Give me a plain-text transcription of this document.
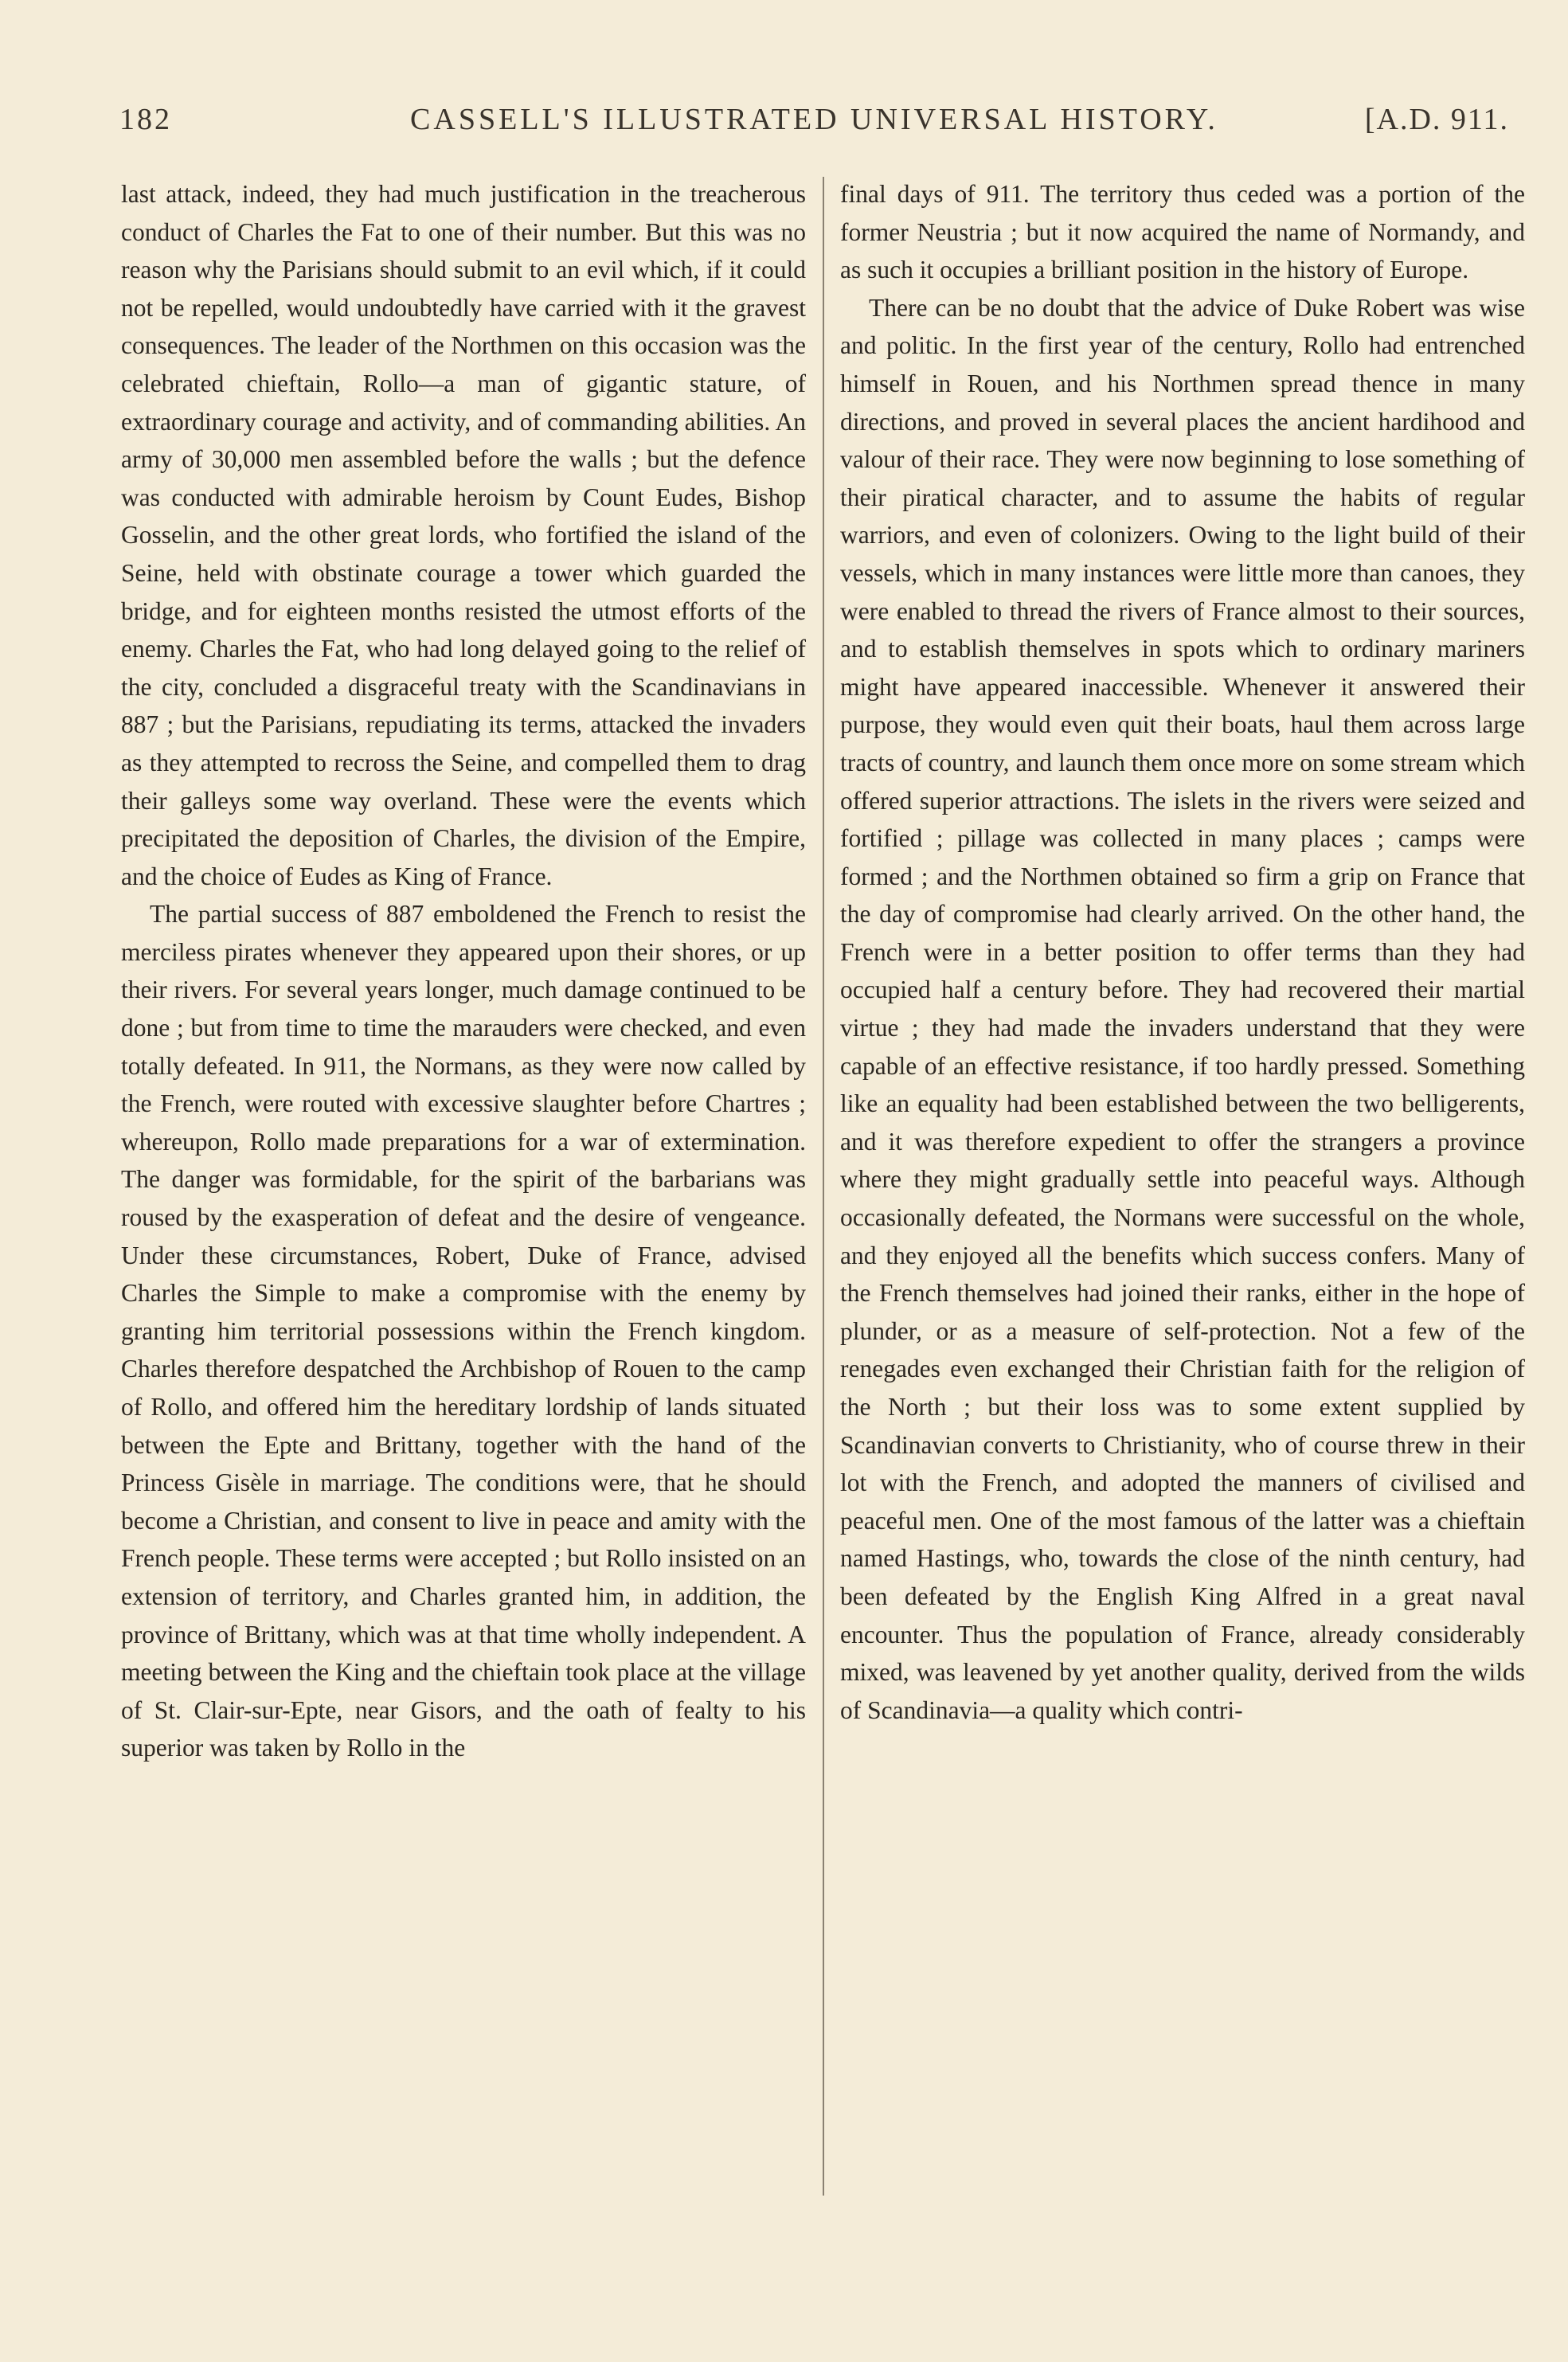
182	CASSELL'S ILLUSTRATED UNIVERSAL HISTORY.	[A.D. 911.

last attack, indeed, they had much justification in the treacherous conduct of Charles the Fat to one of their number. But this was no reason why the Parisians should submit to an evil which, if it could not be repelled, would undoubtedly have carried with it the gravest consequences. The leader of the Northmen on this occasion was the celebrated chieftain, Rollo—a man of gigantic stature, of extraordinary courage and activity, and of commanding abilities. An army of 30,000 men assembled before the walls ; but the defence was conducted with admirable heroism by Count Eudes, Bishop Gosselin, and the other great lords, who fortified the island of the Seine, held with obstinate courage a tower which guarded the bridge, and for eighteen months resisted the utmost efforts of the enemy. Charles the Fat, who had long delayed going to the relief of the city, concluded a disgraceful treaty with the Scandinavians in 887 ; but the Parisians, repudiating its terms, attacked the invaders as they attempted to recross the Seine, and compelled them to drag their galleys some way overland. These were the events which precipitated the deposition of Charles, the division of the Empire, and the choice of Eudes as King of France.

The partial success of 887 emboldened the French to resist the merciless pirates whenever they appeared upon their shores, or up their rivers. For several years longer, much damage continued to be done ; but from time to time the marauders were checked, and even totally defeated. In 911, the Normans, as they were now called by the French, were routed with excessive slaughter before Chartres ; whereupon, Rollo made preparations for a war of extermination. The danger was formidable, for the spirit of the barbarians was roused by the exasperation of defeat and the desire of vengeance. Under these circumstances, Robert, Duke of France, advised Charles the Simple to make a compromise with the enemy by granting him territorial possessions within the French kingdom. Charles therefore despatched the Archbishop of Rouen to the camp of Rollo, and offered him the hereditary lordship of lands situated between the Epte and Brittany, together with the hand of the Princess Gisèle in marriage. The conditions were, that he should become a Christian, and consent to live in peace and amity with the French people. These terms were accepted ; but Rollo insisted on an extension of territory, and Charles granted him, in addition, the province of Brittany, which was at that time wholly independent. A meeting between the King and the chieftain took place at the village of St. Clair-sur-Epte, near Gisors, and the oath of fealty to his superior was taken by Rollo in the

final days of 911. The territory thus ceded was a portion of the former Neustria ; but it now acquired the name of Normandy, and as such it occupies a brilliant position in the history of Europe.

There can be no doubt that the advice of Duke Robert was wise and politic. In the first year of the century, Rollo had entrenched himself in Rouen, and his Northmen spread thence in many directions, and proved in several places the ancient hardihood and valour of their race. They were now beginning to lose something of their piratical character, and to assume the habits of regular warriors, and even of colonizers. Owing to the light build of their vessels, which in many instances were little more than canoes, they were enabled to thread the rivers of France almost to their sources, and to establish themselves in spots which to ordinary mariners might have appeared inaccessible. Whenever it answered their purpose, they would even quit their boats, haul them across large tracts of country, and launch them once more on some stream which offered superior attractions. The islets in the rivers were seized and fortified ; pillage was collected in many places ; camps were formed ; and the Northmen obtained so firm a grip on France that the day of compromise had clearly arrived. On the other hand, the French were in a better position to offer terms than they had occupied half a century before. They had recovered their martial virtue ; they had made the invaders understand that they were capable of an effective resistance, if too hardly pressed. Something like an equality had been established between the two belligerents, and it was therefore expedient to offer the strangers a province where they might gradually settle into peaceful ways. Although occasionally defeated, the Normans were successful on the whole, and they enjoyed all the benefits which success confers. Many of the French themselves had joined their ranks, either in the hope of plunder, or as a measure of self-protection. Not a few of the renegades even exchanged their Christian faith for the religion of the North ; but their loss was to some extent supplied by Scandinavian converts to Christianity, who of course threw in their lot with the French, and adopted the manners of civilised and peaceful men. One of the most famous of the latter was a chieftain named Hastings, who, towards the close of the ninth century, had been defeated by the English King Alfred in a great naval encounter. Thus the population of France, already considerably mixed, was leavened by yet another quality, derived from the wilds of Scandinavia—a quality which contri-
